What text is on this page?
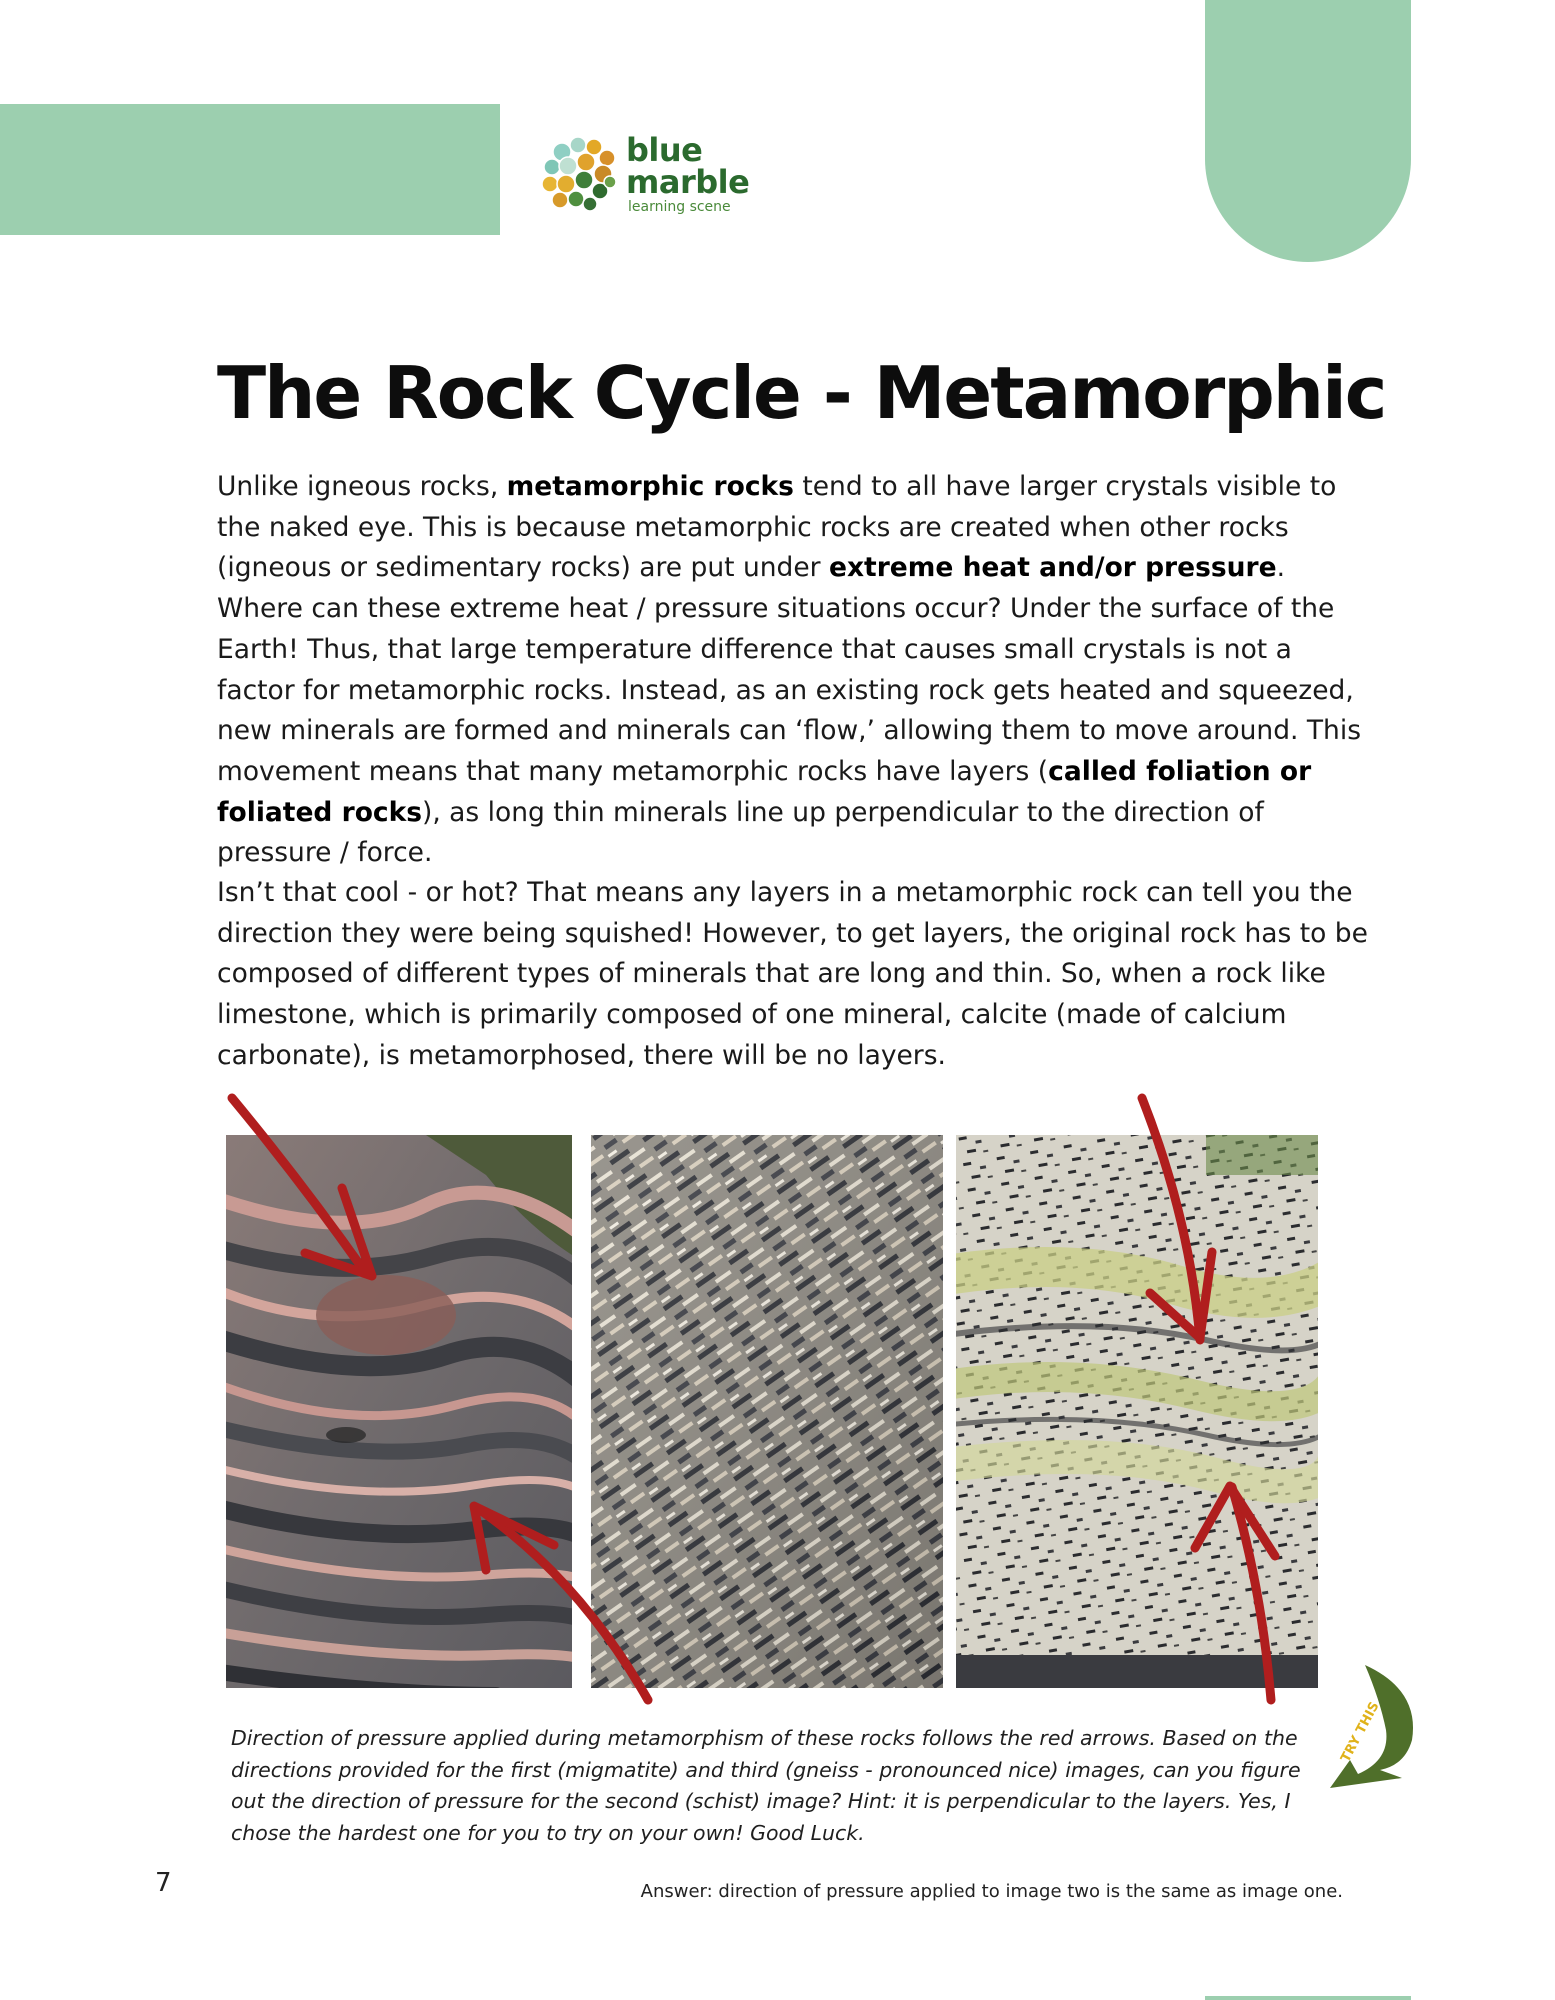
blue
marble
learning scene
The Rock Cycle - Metamorphic

Unlike igneous rocks, metamorphic rocks tend to all have larger crystals visible to the naked eye. This is because metamorphic rocks are created when other rocks (igneous or sedimentary rocks) are put under extreme heat and/or pressure. Where can these extreme heat / pressure situations occur? Under the surface of the Earth! Thus, that large temperature difference that causes small crystals is not a factor for metamorphic rocks. Instead, as an existing rock gets heated and squeezed, new minerals are formed and minerals can ‘flow,’ allowing them to move around. This movement means that many metamorphic rocks have layers (called foliation or foliated rocks), as long thin minerals line up perpendicular to the direction of pressure / force.

Isn’t that cool - or hot? That means any layers in a metamorphic rock can tell you the direction they were being squished! However, to get layers, the original rock has to be composed of different types of minerals that are long and thin. So, when a rock like limestone, which is primarily composed of one mineral, calcite (made of calcium carbonate), is metamorphosed, there will be no layers.

Direction of pressure applied during metamorphism of these rocks follows the red arrows. Based on the directions provided for the first (migmatite) and third (gneiss - pronounced nice) images, can you figure out the direction of pressure for the second (schist) image? Hint: it is perpendicular to the layers. Yes, I chose the hardest one for you to try on your own! Good Luck.

TRY THIS
7	Answer: direction of pressure applied to image two is the same as image one.
